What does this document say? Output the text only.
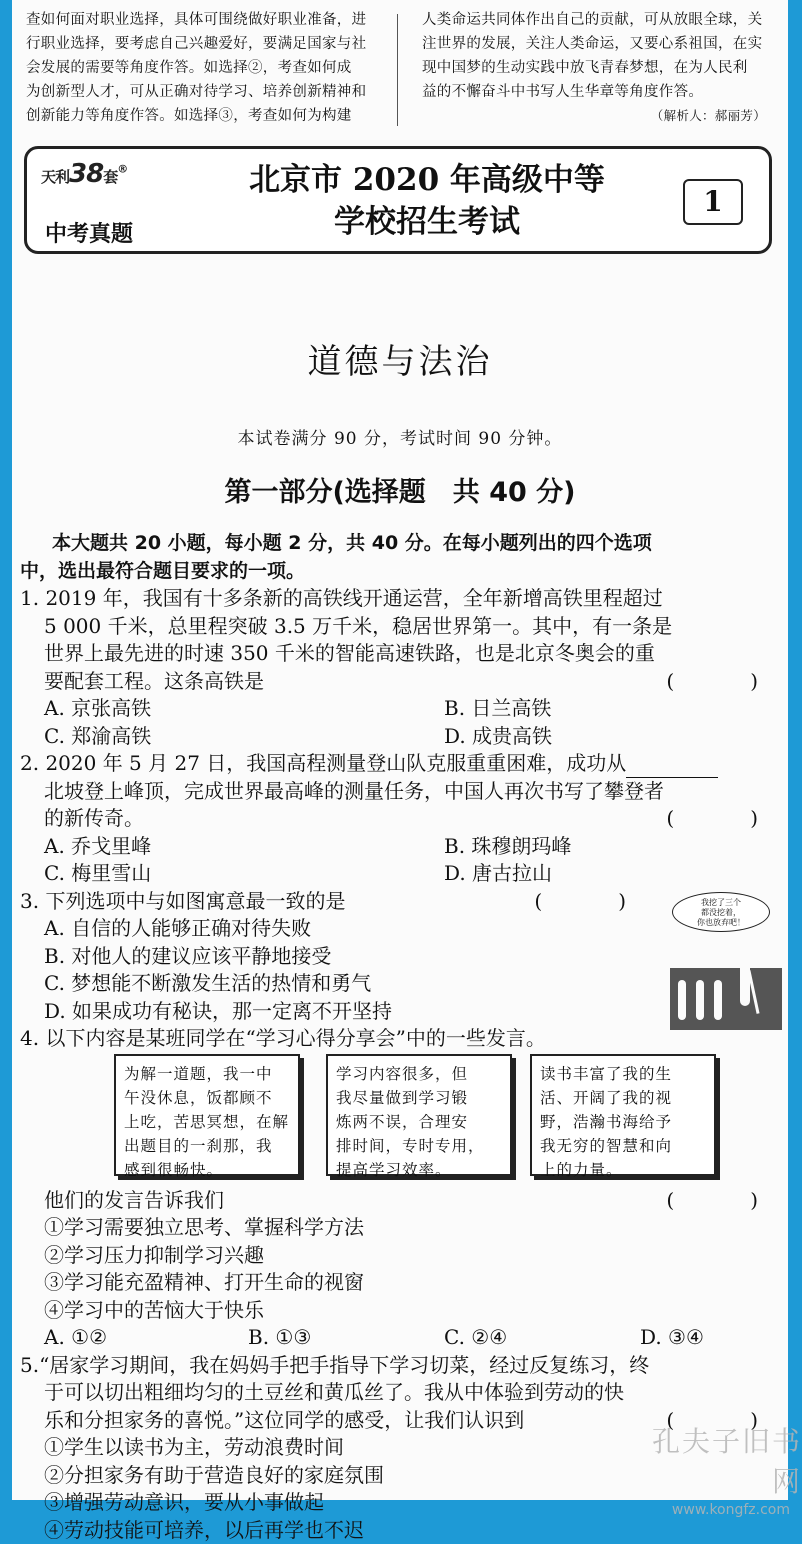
查如何面对职业选择，具体可围绕做好职业准备，进

行职业选择，要考虑自己兴趣爱好，要满足国家与社

会发展的需要等角度作答。如选择②，考查如何成

为创新型人才，可从正确对待学习、培养创新精神和

创新能力等角度作答。如选择③，考查如何为构建

人类命运共同体作出自己的贡献，可从放眼全球，关

注世界的发展，关注人类命运，又要心系祖国，在实

现中国梦的生动实践中放飞青春梦想，在为人民利

益的不懈奋斗中书写人生华章等角度作答。

（解析人：郝丽芳）

天利38套®
中考真题
北京市 2020 年高级中等
学校招生考试
1
道德与法治
本试卷满分 90 分，考试时间 90 分钟。
第一部分(选择题　共 40 分)
本大题共 20 小题，每小题 2 分，共 40 分。在每小题列出的四个选项
中，选出最符合题目要求的一项。
1. 2019 年，我国有十多条新的高铁线开通运营，全年新增高铁里程超过
5 000 千米，总里程突破 3.5 万千米，稳居世界第一。其中，有一条是
世界上最先进的时速 350 千米的智能高速铁路，也是北京冬奥会的重
要配套工程。这条高铁是	(　　)
A. 京张高铁	B. 日兰高铁
C. 郑渝高铁	D. 成贵高铁
2. 2020 年 5 月 27 日，我国高程测量登山队克服重重困难，成功从
北坡登上峰顶，完成世界最高峰的测量任务，中国人再次书写了攀登者
的新传奇。	(　　)
A. 乔戈里峰	B. 珠穆朗玛峰
C. 梅里雪山	D. 唐古拉山
3. 下列选项中与如图寓意最一致的是	(　　)
A. 自信的人能够正确对待失败
B. 对他人的建议应该平静地接受
C. 梦想能不断激发生活的热情和勇气
D. 如果成功有秘诀，那一定离不开坚持
4. 以下内容是某班同学在“学习心得分享会”中的一些发言。
他们的发言告诉我们	(　　)
①学习需要独立思考、掌握科学方法
②学习压力抑制学习兴趣
③学习能充盈精神、打开生命的视窗
④学习中的苦恼大于快乐
A. ①②	B. ①③	C. ②④	D. ③④
5.“居家学习期间，我在妈妈手把手指导下学习切菜，经过反复练习，终
于可以切出粗细均匀的土豆丝和黄瓜丝了。我从中体验到劳动的快
乐和分担家务的喜悦。”这位同学的感受，让我们认识到	(　　)
①学生以读书为主，劳动浪费时间
②分担家务有助于营造良好的家庭氛围
③增强劳动意识，要从小事做起
④劳动技能可培养，以后再学也不迟
我挖了三个
都没挖着，
你也放弃吧！
为解一道题，我一中
午没休息，饭都顾不
上吃，苦思冥想，在解
出题目的一刹那，我
感到很畅快。
学习内容很多，但
我尽量做到学习锻
炼两不误，合理安
排时间，专时专用，
提高学习效率。
读书丰富了我的生
活、开阔了我的视
野，浩瀚书海给予
我无穷的智慧和向
上的力量。
孔夫子旧书网
www.kongfz.com
